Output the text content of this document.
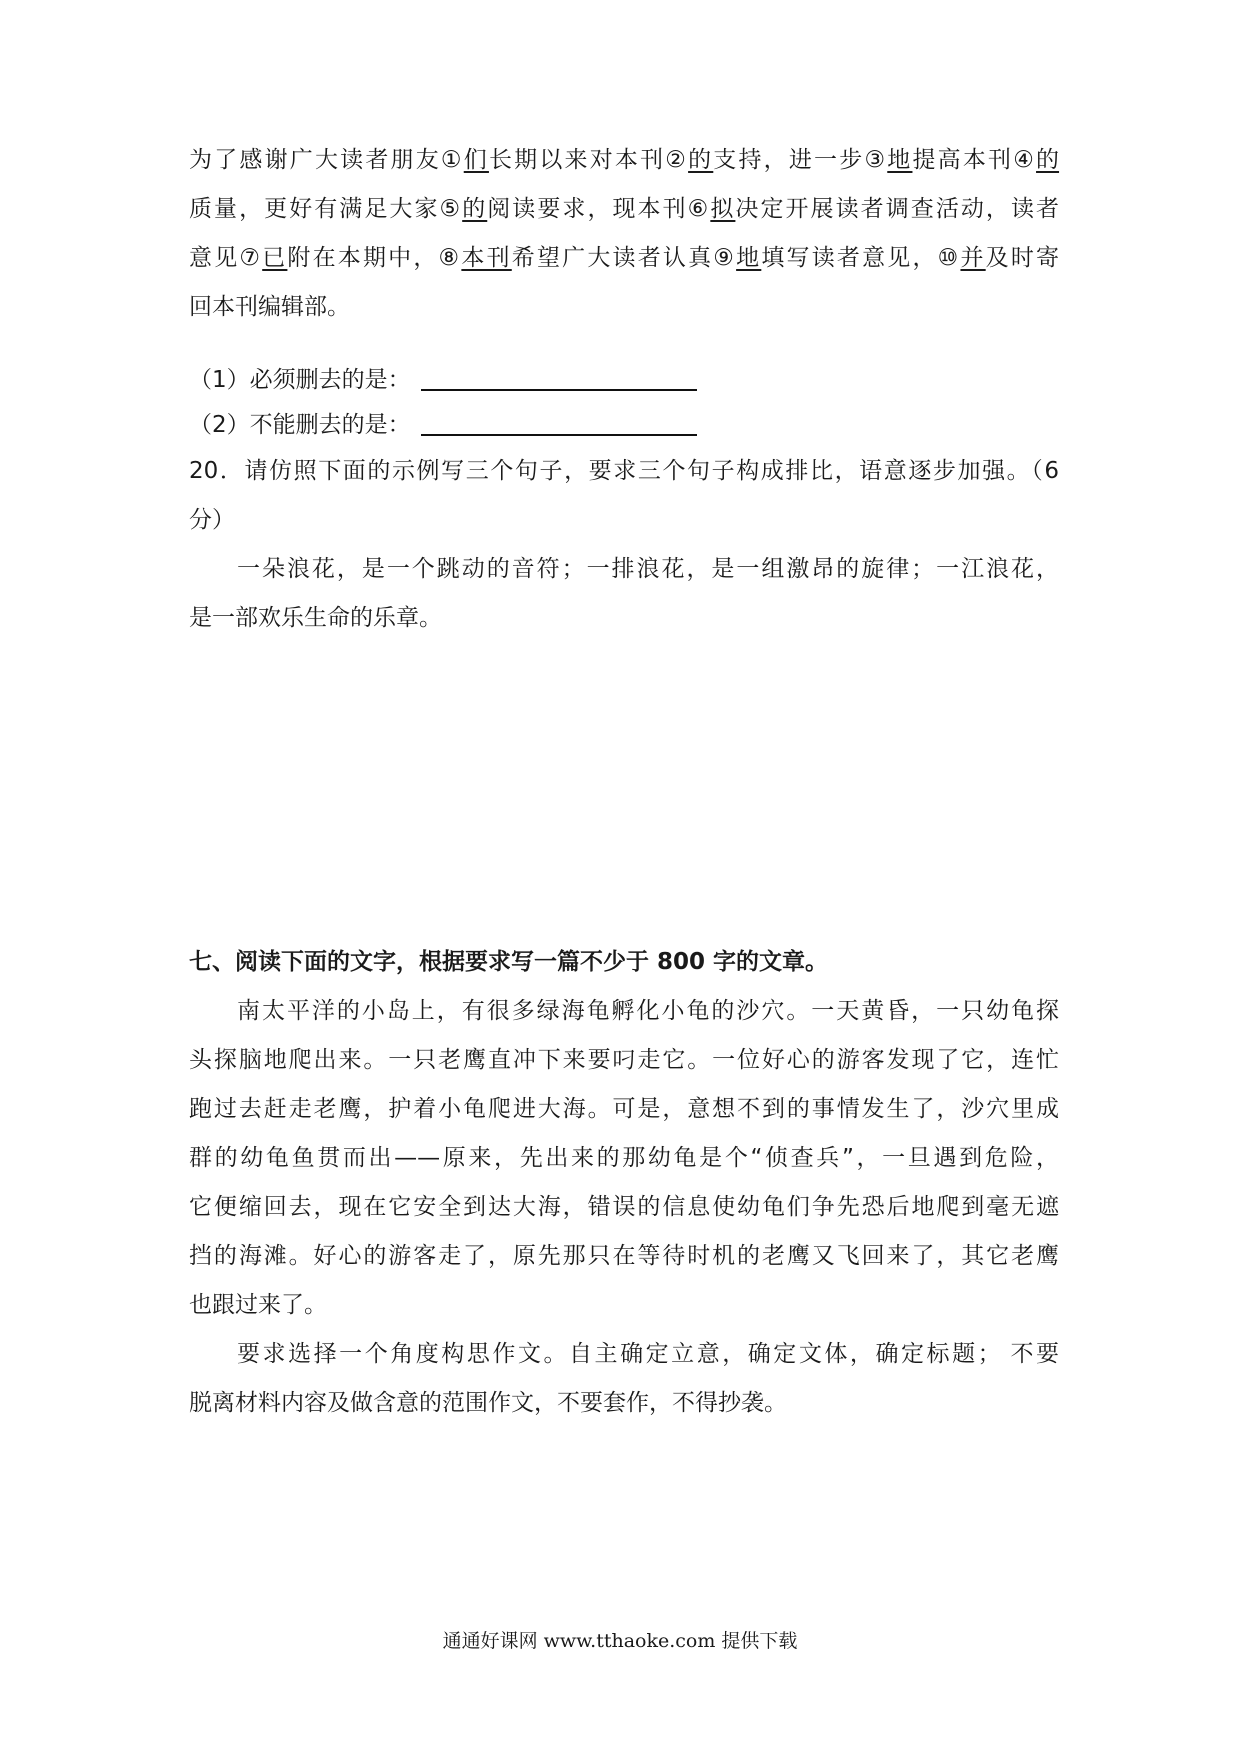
为了感谢广大读者朋友①们长期以来对本刊②的支持，进一步③地提高本刊④的
质量，更好有满足大家⑤的阅读要求，现本刊⑥拟决定开展读者调查活动，读者
意见⑦已附在本期中，⑧本刊希望广大读者认真⑨地填写读者意见，⑩并及时寄
回本刊编辑部。
（1）必须删去的是：
（2）不能删去的是：
20．请仿照下面的示例写三个句子，要求三个句子构成排比，语意逐步加强。（6
分）
一朵浪花，是一个跳动的音符；一排浪花，是一组激昂的旋律；一江浪花，
是一部欢乐生命的乐章。
七、阅读下面的文字，根据要求写一篇不少于 800 字的文章。
南太平洋的小岛上，有很多绿海龟孵化小龟的沙穴。一天黄昏，一只幼龟探
头探脑地爬出来。一只老鹰直冲下来要叼走它。一位好心的游客发现了它，连忙
跑过去赶走老鹰，护着小龟爬进大海。可是，意想不到的事情发生了，沙穴里成
群的幼龟鱼贯而出——原来，先出来的那幼龟是个“侦查兵”，一旦遇到危险，
它便缩回去，现在它安全到达大海，错误的信息使幼龟们争先恐后地爬到毫无遮
挡的海滩。好心的游客走了，原先那只在等待时机的老鹰又飞回来了，其它老鹰
也跟过来了。
要求选择一个角度构思作文。自主确定立意，确定文体，确定标题； 不要
脱离材料内容及做含意的范围作文，不要套作，不得抄袭。
通通好课网 www.tthaoke.com 提供下载
